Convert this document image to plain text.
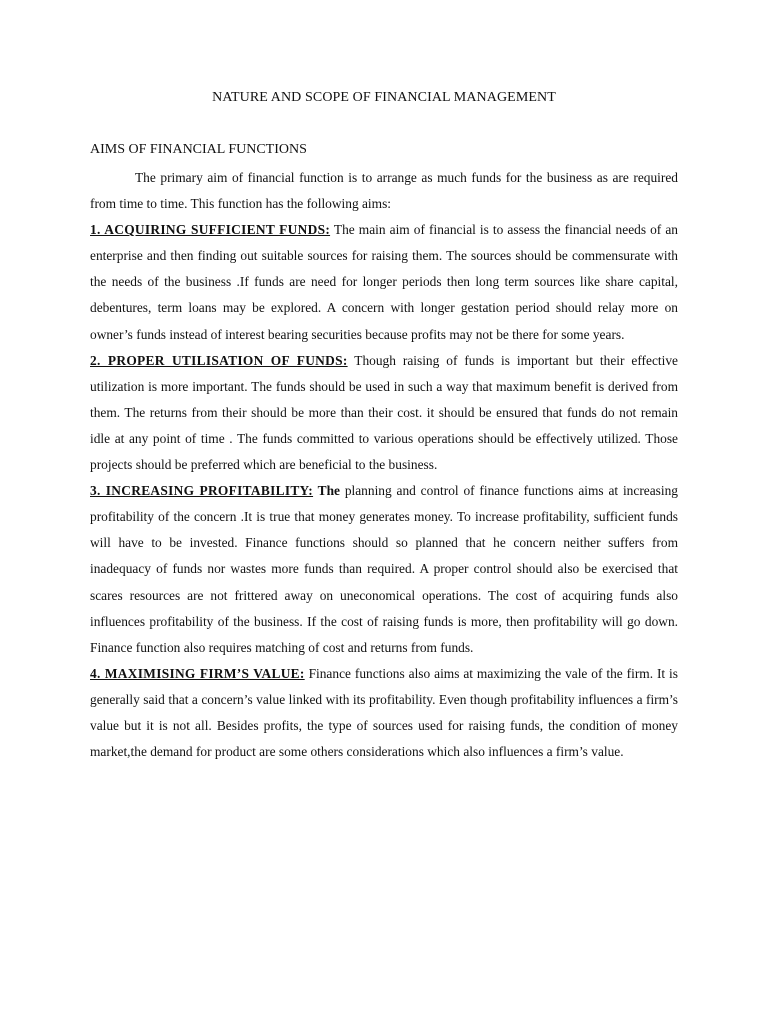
NATURE AND SCOPE OF FINANCIAL MANAGEMENT
AIMS OF FINANCIAL FUNCTIONS

The primary aim of financial function is to arrange as much funds for the business as are required from time to time. This function has the following aims:

1. ACQUIRING SUFFICIENT FUNDS: The main aim of financial is to assess the financial needs of an enterprise and then finding out suitable sources for raising them. The sources should be commensurate with the needs of the business .If funds are need for longer periods then long term sources like share capital, debentures, term loans may be explored. A concern with longer gestation period should relay more on owner’s funds instead of interest bearing securities because profits may not be there for some years.

2. PROPER UTILISATION OF FUNDS: Though raising of funds is important but their effective utilization is more important. The funds should be used in such a way that maximum benefit is derived from them. The returns from their should be more than their cost. it should be ensured that funds do not remain idle at any point of time . The funds committed to various operations should be effectively utilized. Those projects should be preferred which are beneficial to the business.

3. INCREASING PROFITABILITY: The planning and control of finance functions aims at increasing profitability of the concern .It is true that money generates money. To increase profitability, sufficient funds will have to be invested. Finance functions should so planned that he concern neither suffers from inadequacy of funds nor wastes more funds than required. A proper control should also be exercised that scares resources are not frittered away on uneconomical operations. The cost of acquiring funds also influences profitability of the business. If the cost of raising funds is more, then profitability will go down. Finance function also requires matching of cost and returns from funds.

4. MAXIMISING FIRM’S VALUE: Finance functions also aims at maximizing the vale of the firm. It is generally said that a concern’s value linked with its profitability. Even though profitability influences a firm’s value but it is not all. Besides profits, the type of sources used for raising funds, the condition of money market,the demand for product are some others considerations which also influences a firm’s value.
